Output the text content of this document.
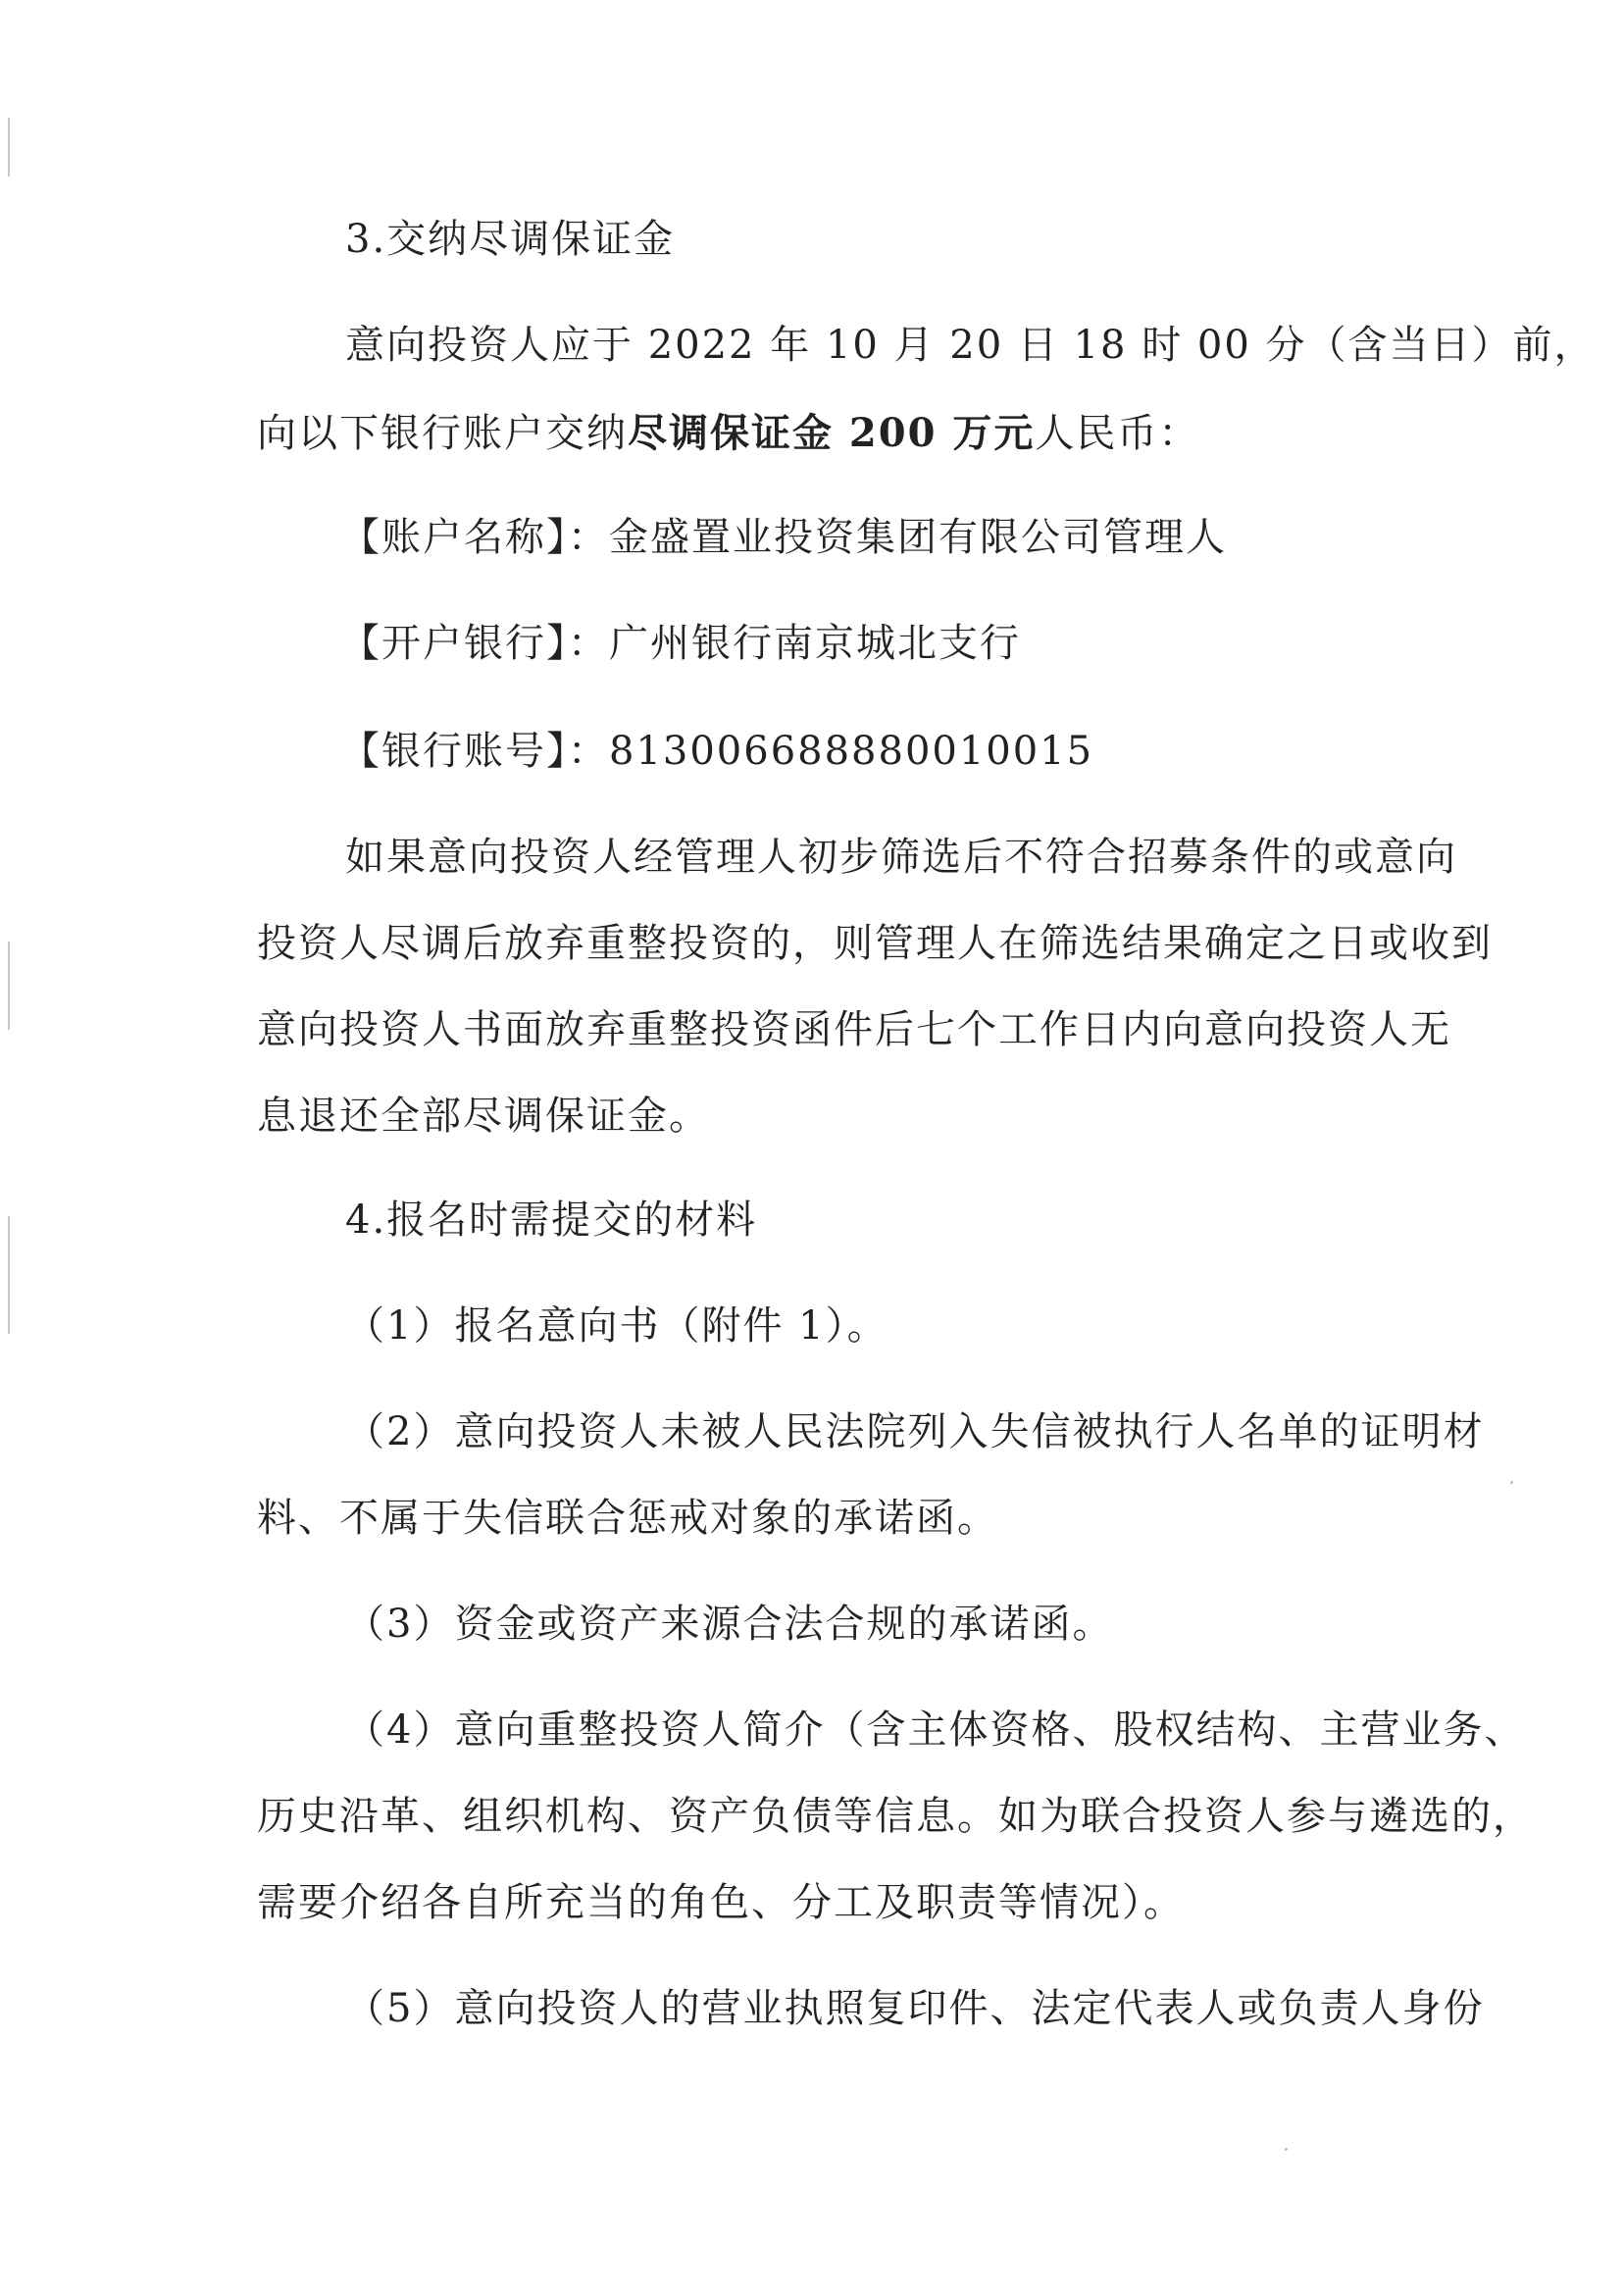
3.交纳尽调保证金
意向投资人应于 2022 年 10 月 20 日 18 时 00 分（含当日）前，
向以下银行账户交纳尽调保证金 200 万元人民币：
【账户名称】：金盛置业投资集团有限公司管理人
【开户银行】：广州银行南京城北支行
【银行账号】：813006688880010015
如果意向投资人经管理人初步筛选后不符合招募条件的或意向
投资人尽调后放弃重整投资的，则管理人在筛选结果确定之日或收到
意向投资人书面放弃重整投资函件后七个工作日内向意向投资人无
息退还全部尽调保证金。
4.报名时需提交的材料
（1）报名意向书（附件 1）。
（2）意向投资人未被人民法院列入失信被执行人名单的证明材
料、不属于失信联合惩戒对象的承诺函。
（3）资金或资产来源合法合规的承诺函。
（4）意向重整投资人简介（含主体资格、股权结构、主营业务、
历史沿革、组织机构、资产负债等信息。如为联合投资人参与遴选的，
需要介绍各自所充当的角色、分工及职责等情况）。
（5）意向投资人的营业执照复印件、法定代表人或负责人身份
